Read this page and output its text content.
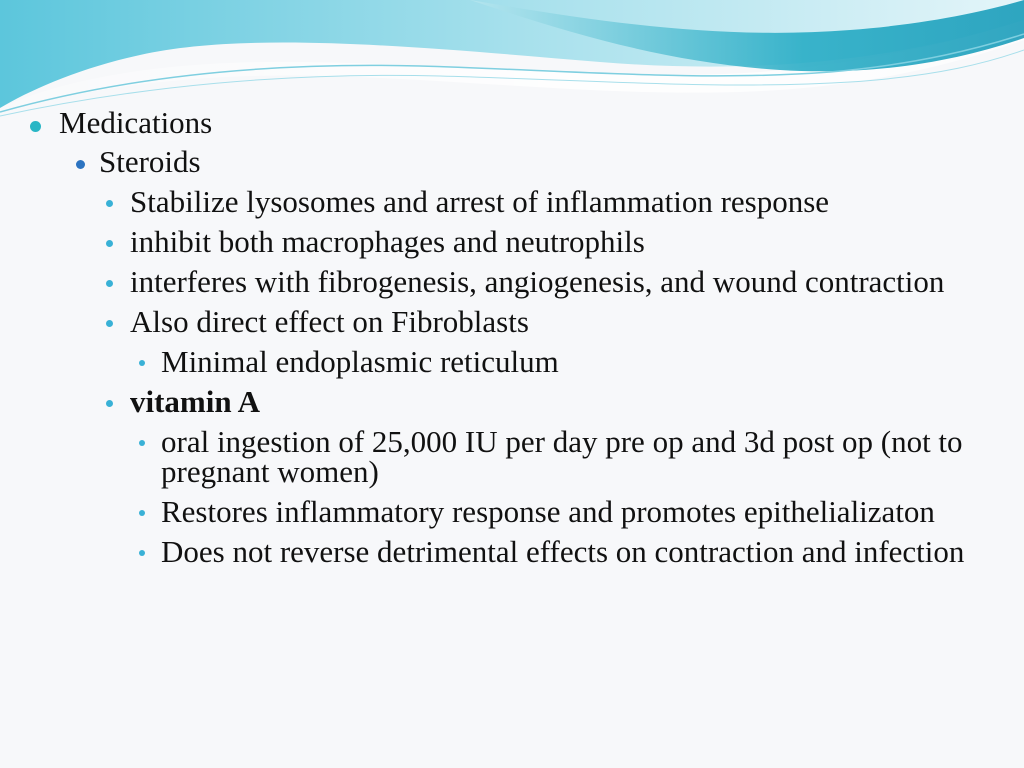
Medications
Steroids
Stabilize lysosomes and arrest of inflammation response
inhibit both macrophages and neutrophils
interferes with fibrogenesis, angiogenesis, and wound contraction
Also direct effect on Fibroblasts
Minimal endoplasmic reticulum
vitamin A
oral ingestion of 25,000 IU per day pre op and 3d post op (not to pregnant women)
Restores inflammatory response and promotes epithelializaton
Does not reverse detrimental effects on contraction and infection
